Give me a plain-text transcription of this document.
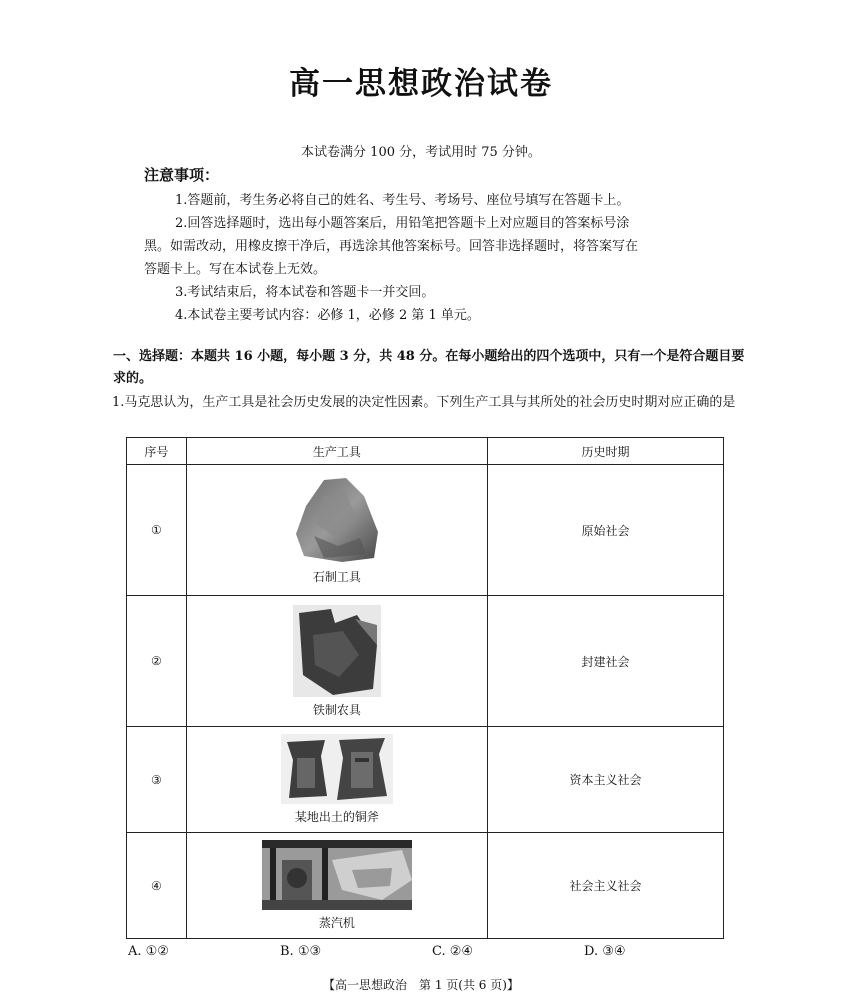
高一思想政治试卷
本试卷满分 100 分，考试用时 75 分钟。
注意事项：
1.答题前，考生务必将自己的姓名、考生号、考场号、座位号填写在答题卡上。
2.回答选择题时，选出每小题答案后，用铅笔把答题卡上对应题目的答案标号涂
黑。如需改动，用橡皮擦干净后，再选涂其他答案标号。回答非选择题时，将答案写在
答题卡上。写在本试卷上无效。
3.考试结束后，将本试卷和答题卡一并交回。
4.本试卷主要考试内容：必修 1，必修 2 第 1 单元。
一、选择题：本题共 16 小题，每小题 3 分，共 48 分。在每小题给出的四个选项中，只有一个是符合题目要求的。
1.马克思认为，生产工具是社会历史发展的决定性因素。下列生产工具与其所处的社会历史时期对应正确的是
序号	生产工具	历史时期
①	石制工具	原始社会
②	铁制农具	封建社会
③	某地出土的铜斧	资本主义社会
④	蒸汽机	社会主义社会
A. ①②	B. ①③	C. ②④	D. ③④
【高一思想政治　第 1 页(共 6 页)】
